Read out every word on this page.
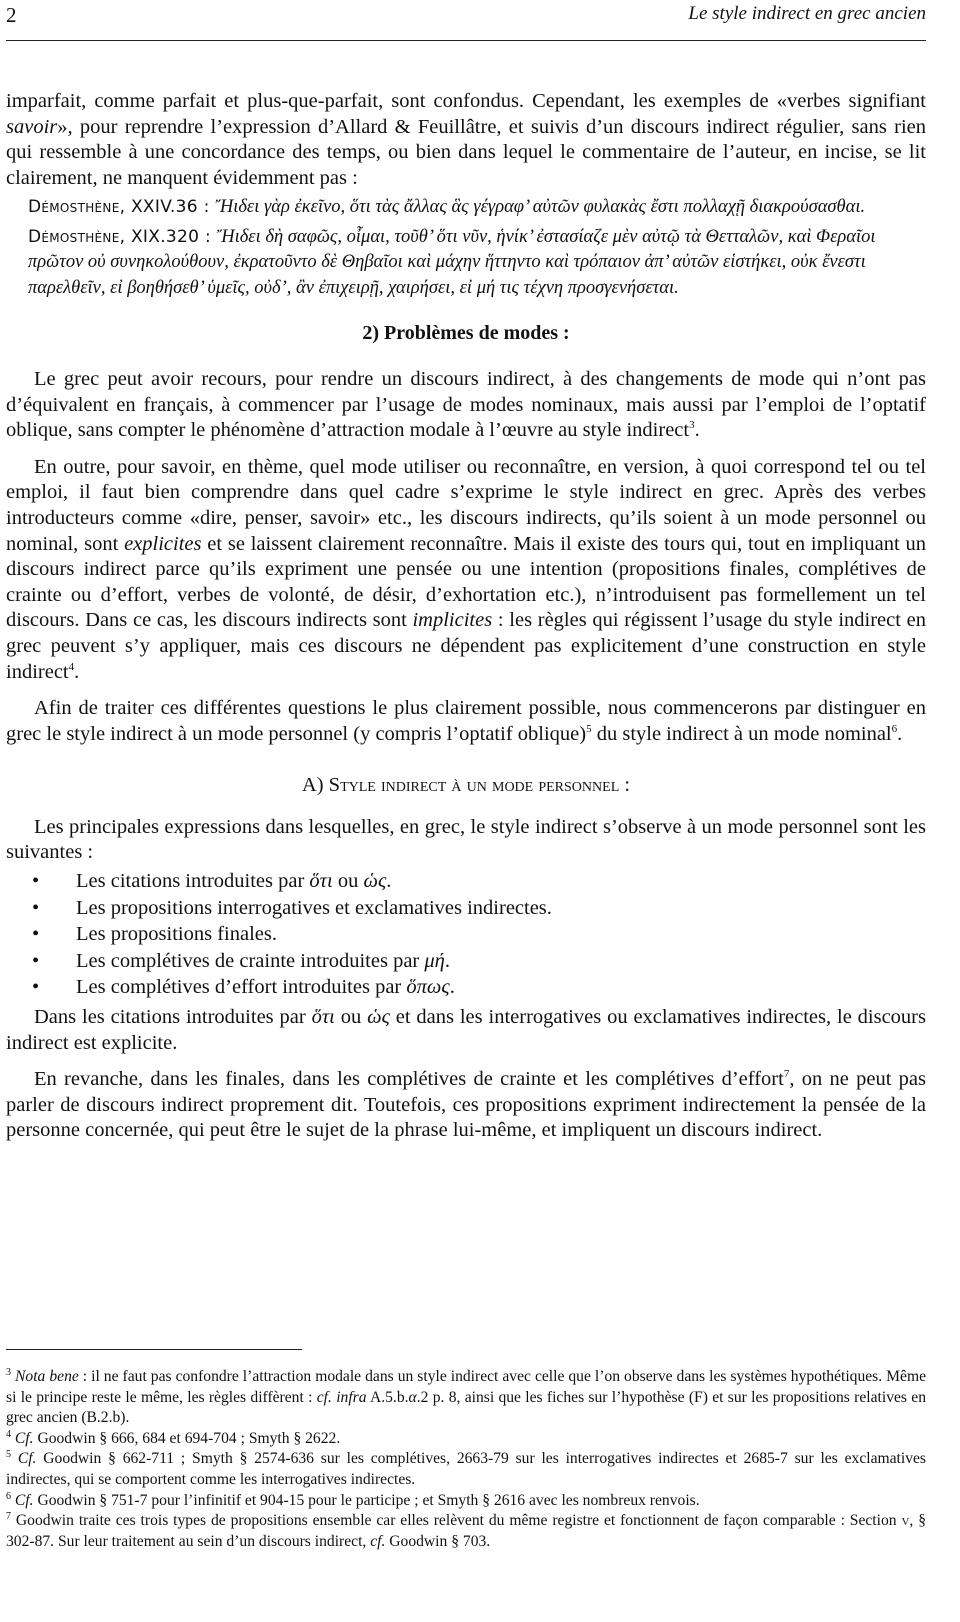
2	Le style indirect en grec ancien

imparfait, comme parfait et plus-que-parfait, sont confondus. Cependant, les exemples de «verbes signifiant savoir», pour reprendre l’expression d’Allard & Feuillâtre, et suivis d’un discours indirect régulier, sans rien qui ressemble à une concordance des temps, ou bien dans lequel le commentaire de l’auteur, en incise, se lit clairement, ne manquent évidemment pas :

Démosthène, XXIV.36 : Ἤιδει γὰρ ἐκεῖνο, ὅτι τὰς ἄλλας ἃς γέγραφ’ αὐτῶν φυλακὰς ἔστι πολλαχῇ διακρούσασθαι.

Démosthène, XIX.320 : Ἤιδει δὴ σαφῶς, οἶμαι, τοῦθ’ ὅτι νῦν, ἡνίκ’ ἐστασίαζε μὲν αὐτῷ τὰ Θετταλῶν, καὶ Φεραῖοι πρῶτον οὐ συνηκολούθουν, ἐκρατοῦντο δὲ Θηβαῖοι καὶ μάχην ἥττηντο καὶ τρόπαιον ἀπ’ αὐτῶν εἱστήκει, οὐκ ἔνεστι παρελθεῖν, εἰ βοηθήσεθ’ ὑμεῖς, οὐδ’, ἂν ἐπιχειρῇ, χαιρήσει, εἰ μή τις τέχνη προσγενήσεται.

2) Problèmes de modes :

Le grec peut avoir recours, pour rendre un discours indirect, à des changements de mode qui n’ont pas d’équivalent en français, à commencer par l’usage de modes nominaux, mais aussi par l’emploi de l’optatif oblique, sans compter le phénomène d’attraction modale à l’œuvre au style indirect$^3$.

En outre, pour savoir, en thème, quel mode utiliser ou reconnaître, en version, à quoi correspond tel ou tel emploi, il faut bien comprendre dans quel cadre s’exprime le style indirect en grec. Après des verbes introducteurs comme «dire, penser, savoir» etc., les discours indirects, qu’ils soient à un mode personnel ou nominal, sont explicites et se laissent clairement reconnaître. Mais il existe des tours qui, tout en impliquant un discours indirect parce qu’ils expriment une pensée ou une intention (propositions finales, complétives de crainte ou d’effort, verbes de volonté, de désir, d’exhortation etc.), n’introduisent pas formellement un tel discours. Dans ce cas, les discours indirects sont implicites : les règles qui régissent l’usage du style indirect en grec peuvent s’y appliquer, mais ces discours ne dépendent pas explicitement d’une construction en style indirect$^4$.

Afin de traiter ces différentes questions le plus clairement possible, nous commencerons par distinguer en grec le style indirect à un mode personnel (y compris l’optatif oblique)$^5$ du style indirect à un mode nominal$^6$.

A) Style indirect à un mode personnel :

Les principales expressions dans lesquelles, en grec, le style indirect s’observe à un mode personnel sont les suivantes :

• Les citations introduites par ὅτι ou ὡς.
• Les propositions interrogatives et exclamatives indirectes.
• Les propositions finales.
• Les complétives de crainte introduites par μή.
• Les complétives d’effort introduites par ὅπως.

Dans les citations introduites par ὅτι ou ὡς et dans les interrogatives ou exclamatives indirectes, le discours indirect est explicite.

En revanche, dans les finales, dans les complétives de crainte et les complétives d’effort$^7$, on ne peut pas parler de discours indirect proprement dit. Toutefois, ces propositions expriment indirectement la pensée de la personne concernée, qui peut être le sujet de la phrase lui-même, et impliquent un discours indirect.

$^3$ Nota bene : il ne faut pas confondre l’attraction modale dans un style indirect avec celle que l’on observe dans les systèmes hypothétiques. Même si le principe reste le même, les règles diffèrent : cf. infra A.5.b.α.2 p. 8, ainsi que les fiches sur l’hypothèse (F) et sur les propositions relatives en grec ancien (B.2.b).

$^4$ Cf. Goodwin § 666, 684 et 694-704 ; Smyth § 2622.

$^5$ Cf. Goodwin § 662-711 ; Smyth § 2574-636 sur les complétives, 2663-79 sur les interrogatives indirectes et 2685-7 sur les exclamatives indirectes, qui se comportent comme les interrogatives indirectes.

$^6$ Cf. Goodwin § 751-7 pour l’infinitif et 904-15 pour le participe ; et Smyth § 2616 avec les nombreux renvois.

$^7$ Goodwin traite ces trois types de propositions ensemble car elles relèvent du même registre et fonctionnent de façon comparable : Section v, § 302-87. Sur leur traitement au sein d’un discours indirect, cf. Goodwin § 703.
